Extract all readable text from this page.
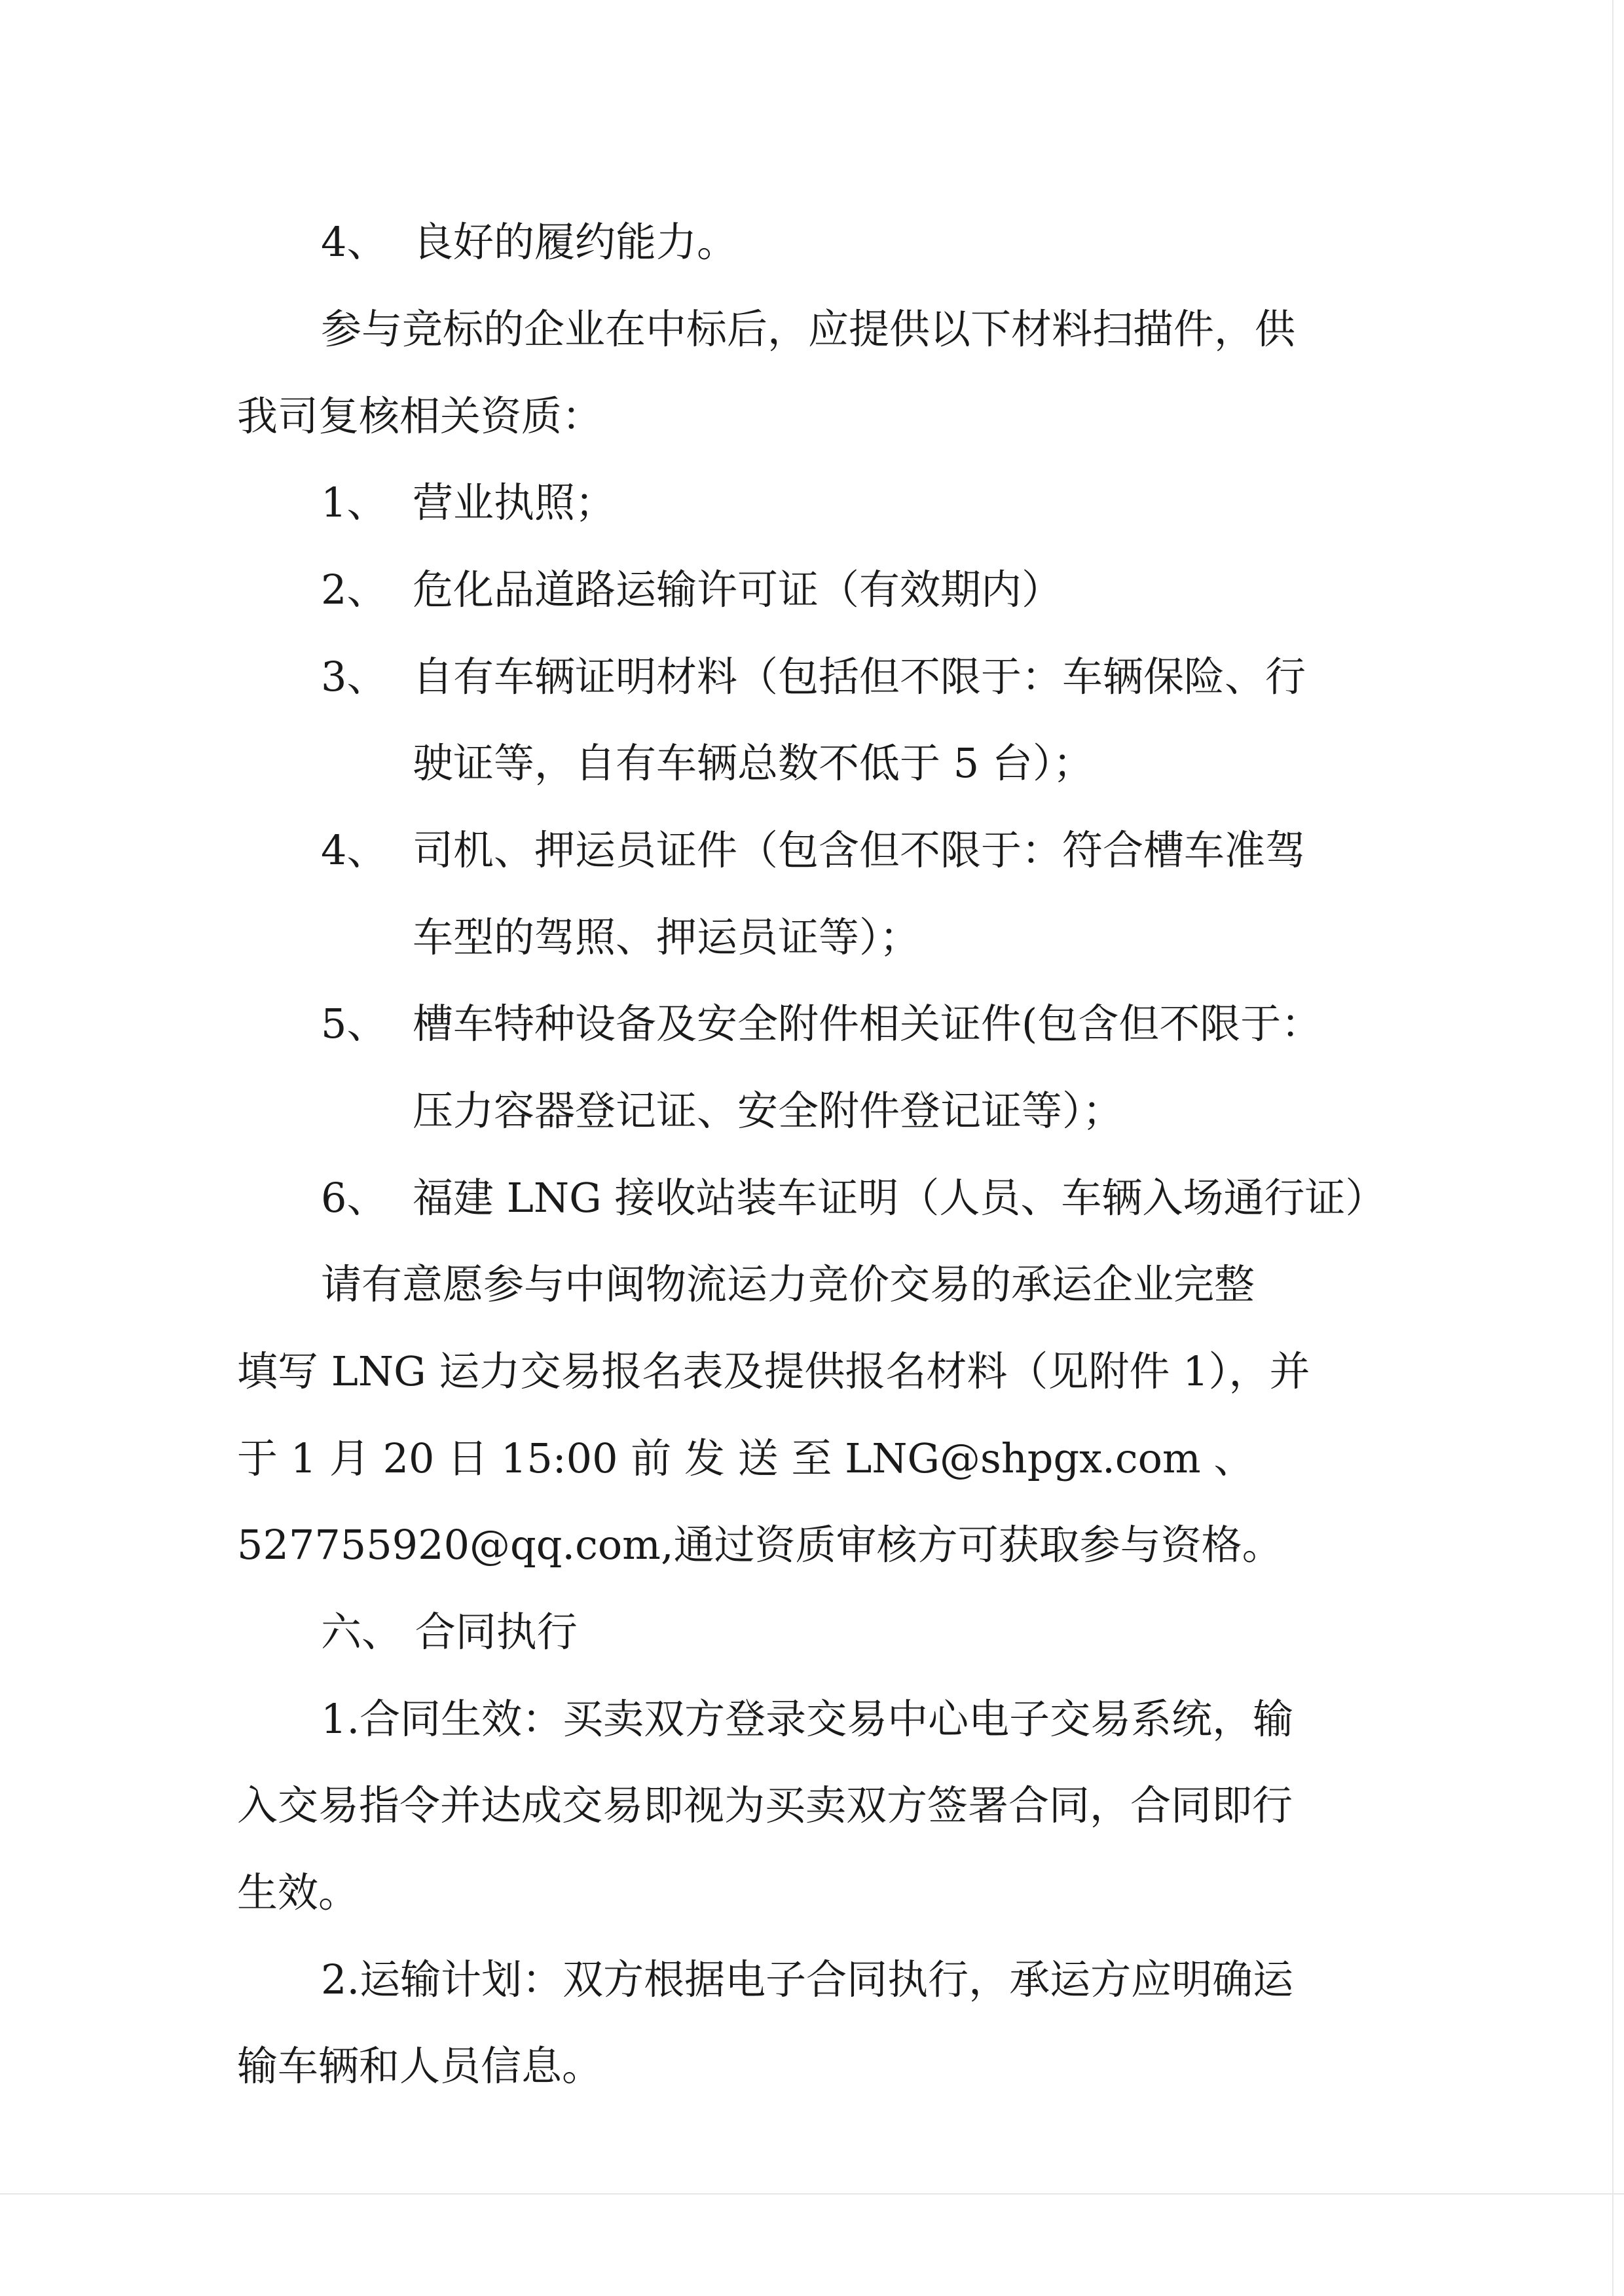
4、 良好的履约能力。
参与竞标的企业在中标后，应提供以下材料扫描件，供
我司复核相关资质：
1、 营业执照；
2、 危化品道路运输许可证（有效期内）
3、 自有车辆证明材料（包括但不限于：车辆保险、行
驶证等，自有车辆总数不低于 5 台）；
4、 司机、押运员证件（包含但不限于：符合槽车准驾
车型的驾照、押运员证等）；
5、 槽车特种设备及安全附件相关证件(包含但不限于：
压力容器登记证、安全附件登记证等）；
6、 福建 LNG 接收站装车证明（人员、车辆入场通行证）
请有意愿参与中闽物流运力竞价交易的承运企业完整
填写 LNG 运力交易报名表及提供报名材料（见附件 1），并
于 1 月 20 日 15:00 前 发 送 至 LNG@shpgx.com 、
527755920@qq.com,通过资质审核方可获取参与资格。
六、 合同执行
1.合同生效：买卖双方登录交易中心电子交易系统，输
入交易指令并达成交易即视为买卖双方签署合同，合同即行
生效。
2.运输计划：双方根据电子合同执行，承运方应明确运
输车辆和人员信息。
